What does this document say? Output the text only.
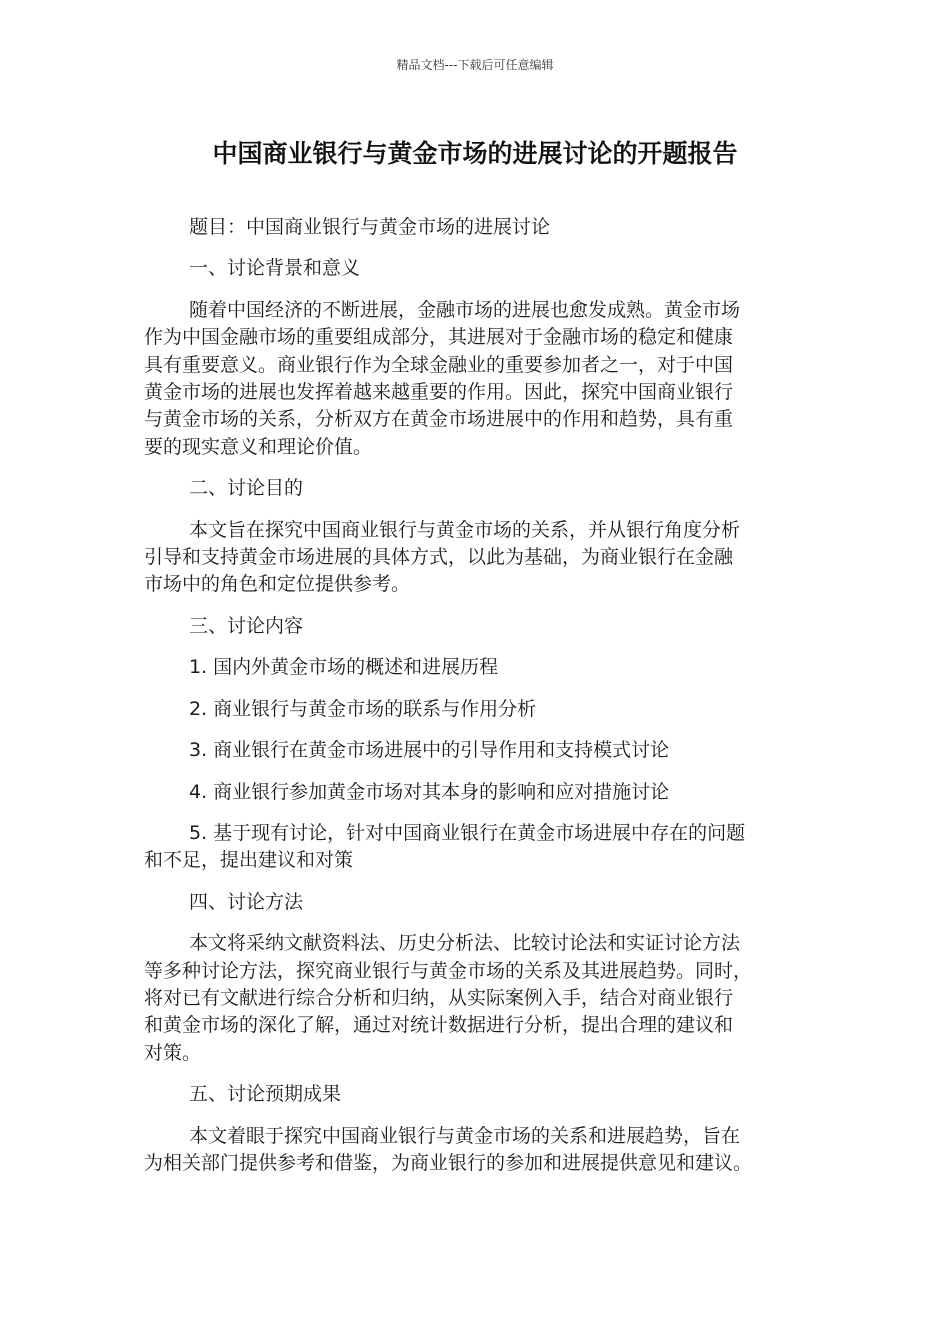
精品文档---下载后可任意编辑
中国商业银行与黄金市场的进展讨论的开题报告

题目：中国商业银行与黄金市场的进展讨论

一、讨论背景和意义

随着中国经济的不断进展，金融市场的进展也愈发成熟。黄金市场
作为中国金融市场的重要组成部分，其进展对于金融市场的稳定和健康
具有重要意义。商业银行作为全球金融业的重要参加者之一，对于中国
黄金市场的进展也发挥着越来越重要的作用。因此，探究中国商业银行
与黄金市场的关系，分析双方在黄金市场进展中的作用和趋势，具有重
要的现实意义和理论价值。

二、讨论目的

本文旨在探究中国商业银行与黄金市场的关系，并从银行角度分析
引导和支持黄金市场进展的具体方式，以此为基础，为商业银行在金融
市场中的角色和定位提供参考。

三、讨论内容

1. 国内外黄金市场的概述和进展历程

2. 商业银行与黄金市场的联系与作用分析

3. 商业银行在黄金市场进展中的引导作用和支持模式讨论

4. 商业银行参加黄金市场对其本身的影响和应对措施讨论

5. 基于现有讨论，针对中国商业银行在黄金市场进展中存在的问题
和不足，提出建议和对策

四、讨论方法

本文将采纳文献资料法、历史分析法、比较讨论法和实证讨论方法
等多种讨论方法，探究商业银行与黄金市场的关系及其进展趋势。同时，
将对已有文献进行综合分析和归纳，从实际案例入手，结合对商业银行
和黄金市场的深化了解，通过对统计数据进行分析，提出合理的建议和
对策。

五、讨论预期成果

本文着眼于探究中国商业银行与黄金市场的关系和进展趋势，旨在
为相关部门提供参考和借鉴，为商业银行的参加和进展提供意见和建议。
